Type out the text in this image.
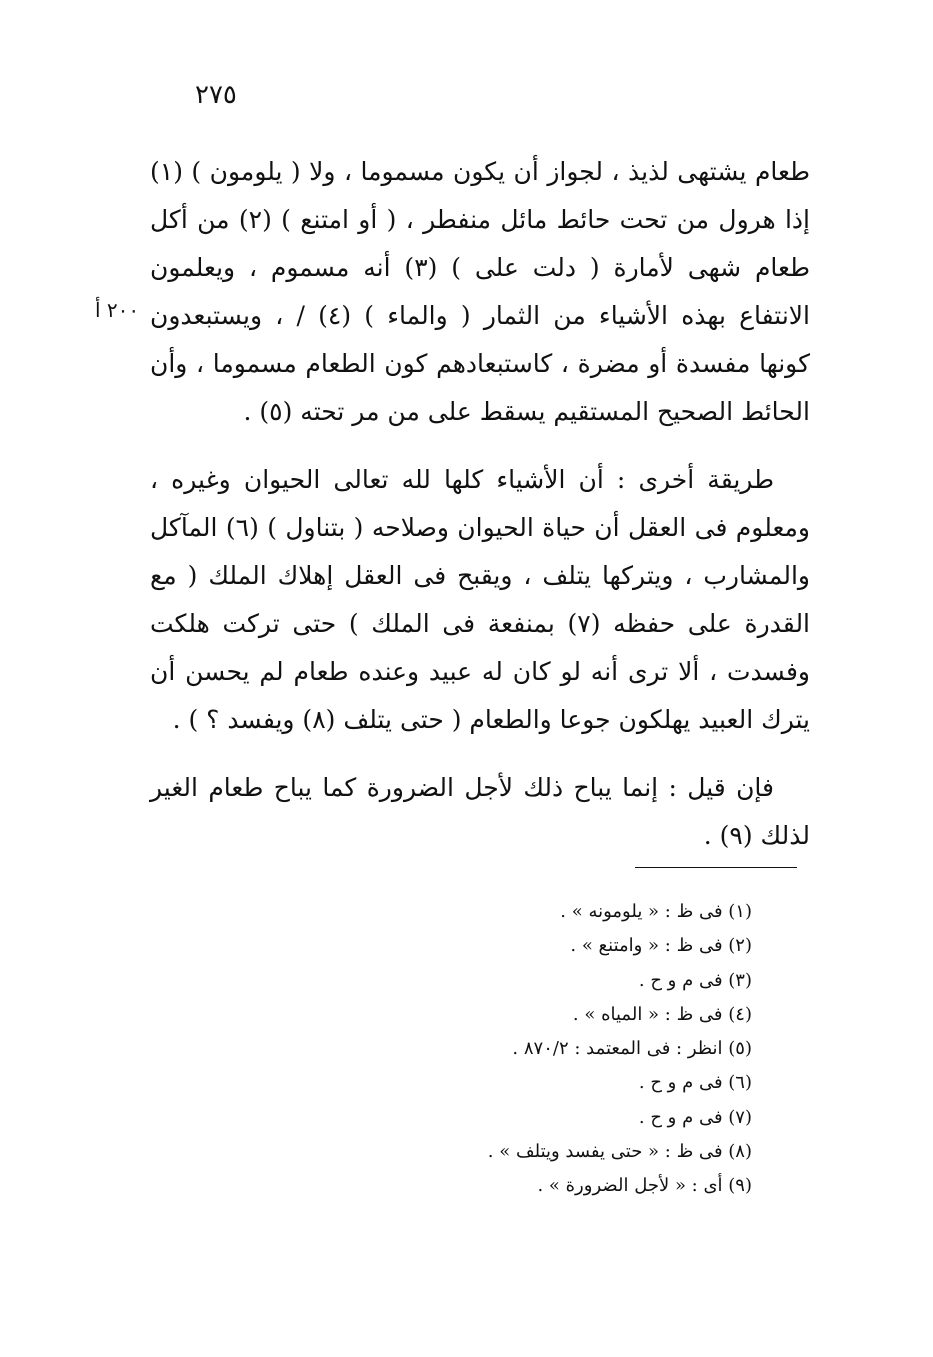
٢٧٥
٢٠٠ أ

طعام يشتهى لذيذ ، لجواز أن يكون مسموما ، ولا ( يلومون ) (١) إذا هرول من تحت حائط مائل منفطر ، ( أو امتنع ) (٢) من أكل طعام شهى لأمارة ( دلت على ) (٣) أنه مسموم ، ويعلمون الانتفاع بهذه الأشياء من الثمار ( والماء ) (٤) / ، ويستبعدون كونها مفسدة أو مضرة ، كاستبعادهم كون الطعام مسموما ، وأن الحائط الصحيح المستقيم يسقط على من مر تحته (٥) .

طريقة أخرى : أن الأشياء كلها لله تعالى الحيوان وغيره ، ومعلوم فى العقل أن حياة الحيوان وصلاحه ( بتناول ) (٦) المآكل والمشارب ، ويتركها يتلف ، ويقبح فى العقل إهلاك الملك ( مع القدرة على حفظه (٧) بمنفعة فى الملك ) حتى تركت هلكت وفسدت ، ألا ترى أنه لو كان له عبيد وعنده طعام لم يحسن أن يترك العبيد يهلكون جوعا والطعام ( حتى يتلف (٨) ويفسد ؟ ) .

فإن قيل : إنما يباح ذلك لأجل الضرورة كما يباح طعام الغير لذلك (٩) .

(١) فى ظ : « يلومونه » .
(٢) فى ظ : « وامتنع » .
(٣) فى م و ح .
(٤) فى ظ : « المياه » .
(٥) انظر : فى المعتمد : ٨٧٠/٢ .
(٦) فى م و ح .
(٧) فى م و ح .
(٨) فى ظ : « حتى يفسد ويتلف » .
(٩) أى : « لأجل الضرورة » .
